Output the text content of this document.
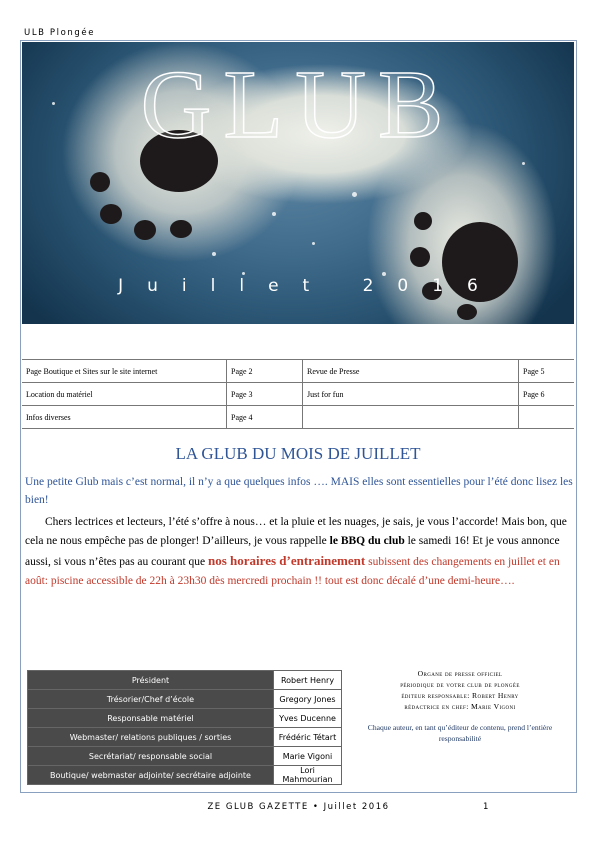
ULB Plongée
GLUB
Juillet 2016
Page Boutique et Sites sur le site internet	Page 2	Revue de Presse	Page 5
Location du matériel	Page 3	Just for fun	Page 6
Infos diverses	Page 4		
LA GLUB DU MOIS DE JUILLET

Une petite Glub mais c’est normal, il n’y a que quelques infos …. MAIS elles sont essentielles pour l’été donc lisez les bien!

Chers lectrices et lecteurs, l’été s’offre à nous… et la pluie et les nuages, je sais, je vous l’accorde! Mais bon, que cela ne nous empêche pas de plonger! D’ailleurs, je vous rappelle le BBQ du club le samedi 16! Et je vous annonce aussi, si vous n’êtes pas au courant que nos horaires d’entrainement subissent des changements en juillet et en août: piscine accessible de 22h à 23h30 dès mercredi prochain !! tout est donc décalé d’une demi-heure….

Président	Robert Henry
Trésorier/Chef d’école	Gregory Jones
Responsable matériel	Yves Ducenne
Webmaster/ relations publiques / sorties	Frédéric Tétart
Secrétariat/ responsable social	Marie Vigoni
Boutique/ webmaster adjointe/ secrétaire adjointe	Lori Mahmourian
Organe de presse officiel
périodique de votre club de plongée
éditeur responsable: Robert Henry
rédactrice en chef: Marie Vigoni
Chaque auteur, en tant qu’éditeur de contenu, prend l’entière responsabilité
ZE GLUB GAZETTE • Juillet 2016	1
